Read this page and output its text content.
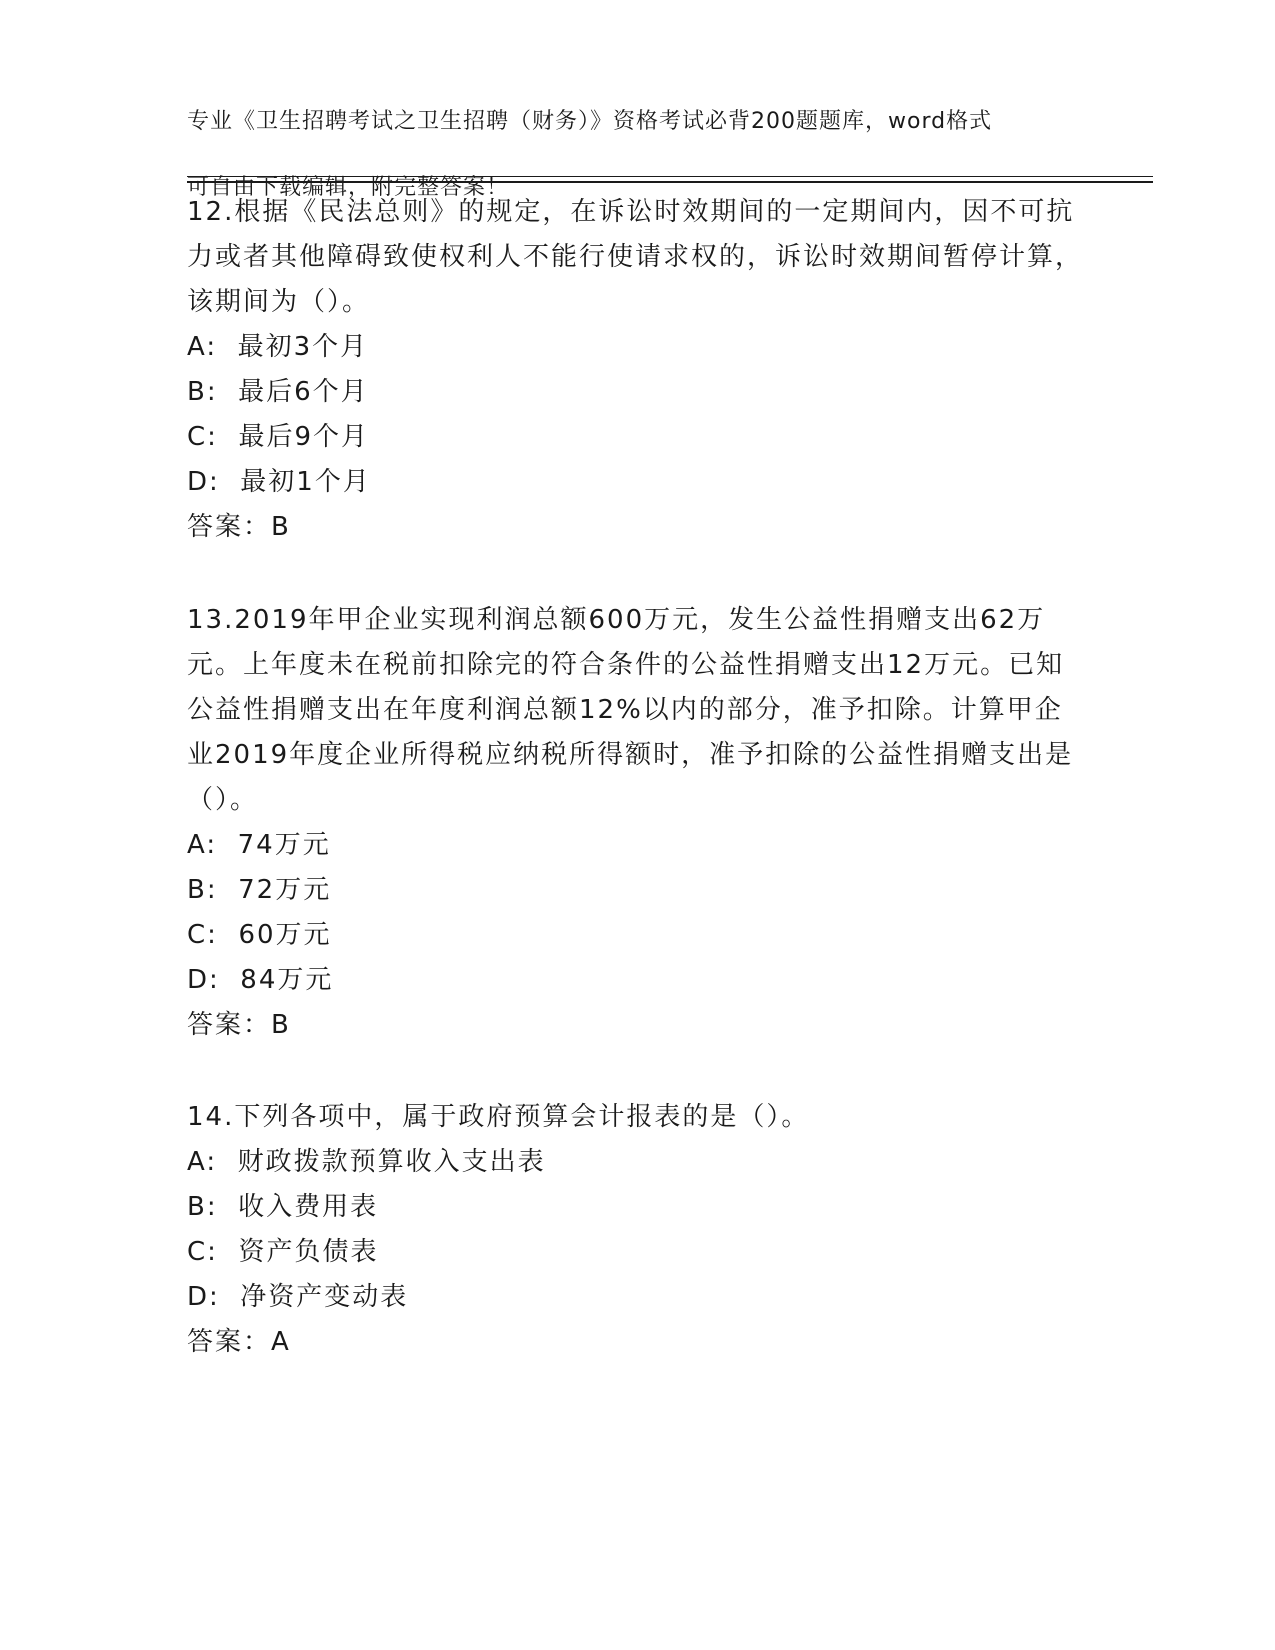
专业《卫生招聘考试之卫生招聘（财务）》资格考试必背200题题库，word格式

可自由下载编辑，附完整答案！

12.根据《民法总则》的规定，在诉讼时效期间的一定期间内，因不可抗力或者其他障碍致使权利人不能行使请求权的，诉讼时效期间暂停计算，该期间为（）。

A:  最初3个月

B:  最后6个月

C:  最后9个月

D:  最初1个月

答案：B

13.2019年甲企业实现利润总额600万元，发生公益性捐赠支出62万元。上年度未在税前扣除完的符合条件的公益性捐赠支出12万元。已知公益性捐赠支出在年度利润总额12%以内的部分，准予扣除。计算甲企业2019年度企业所得税应纳税所得额时，准予扣除的公益性捐赠支出是（）。

A:  74万元

B:  72万元

C:  60万元

D:  84万元

答案：B

14.下列各项中，属于政府预算会计报表的是（）。

A:  财政拨款预算收入支出表

B:  收入费用表

C:  资产负债表

D:  净资产变动表

答案：A
